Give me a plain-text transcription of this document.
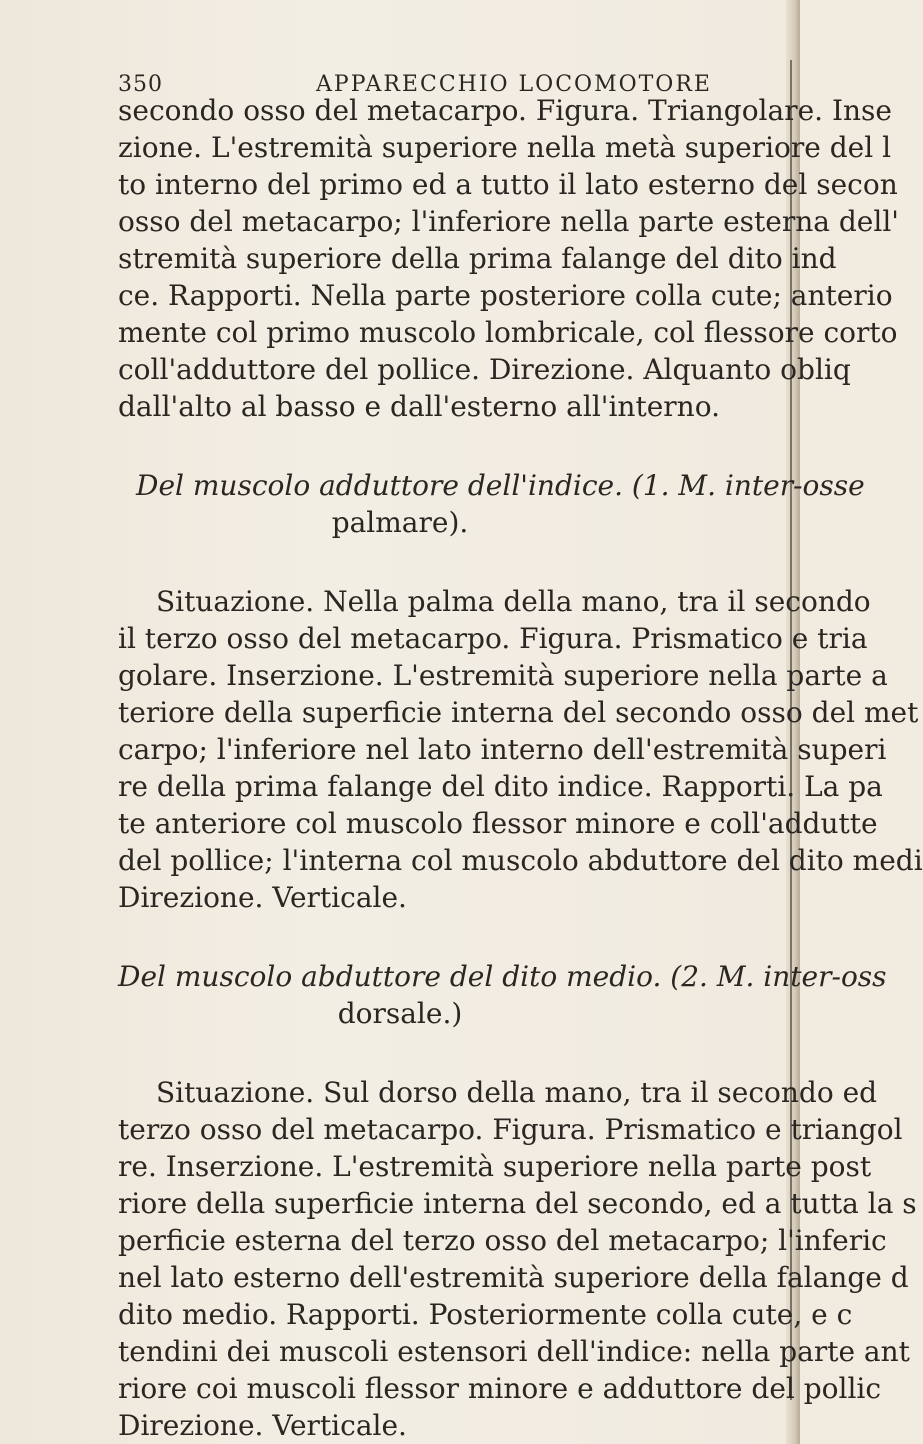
350	APPARECCHIO LOCOMOTORE
secondo osso del metacarpo. Figura. Triangolare. Inse
zione. L'estremità superiore nella metà superiore del l
to interno del primo ed a tutto il lato esterno del secon
osso del metacarpo; l'inferiore nella parte esterna dell'
stremità superiore della prima falange del dito ind
ce. Rapporti. Nella parte posteriore colla cute; anterio
mente col primo muscolo lombricale, col flessore corto
coll'adduttore del pollice. Direzione. Alquanto obliq
dall'alto al basso e dall'esterno all'interno.
Del muscolo adduttore dell'indice. (1. M. inter-osse
palmare).
Situazione. Nella palma della mano, tra il secondo
il terzo osso del metacarpo. Figura. Prismatico e tria
golare. Inserzione. L'estremità superiore nella parte a
teriore della superficie interna del secondo osso del met
carpo; l'inferiore nel lato interno dell'estremità superi
re della prima falange del dito indice. Rapporti. La pa
te anteriore col muscolo flessor minore e coll'addutte
del pollice; l'interna col muscolo abduttore del dito medi
Direzione. Verticale.
Del muscolo abduttore del dito medio. (2. M. inter-oss
dorsale.)
Situazione. Sul dorso della mano, tra il secondo ed
terzo osso del metacarpo. Figura. Prismatico e triangol
re. Inserzione. L'estremità superiore nella parte post
riore della superficie interna del secondo, ed a tutta la s
perficie esterna del terzo osso del metacarpo; l'inferic
nel lato esterno dell'estremità superiore della falange d
dito medio. Rapporti. Posteriormente colla cute, e c
tendini dei muscoli estensori dell'indice: nella parte ant
riore coi muscoli flessor minore e adduttore del pollic
Direzione. Verticale.
